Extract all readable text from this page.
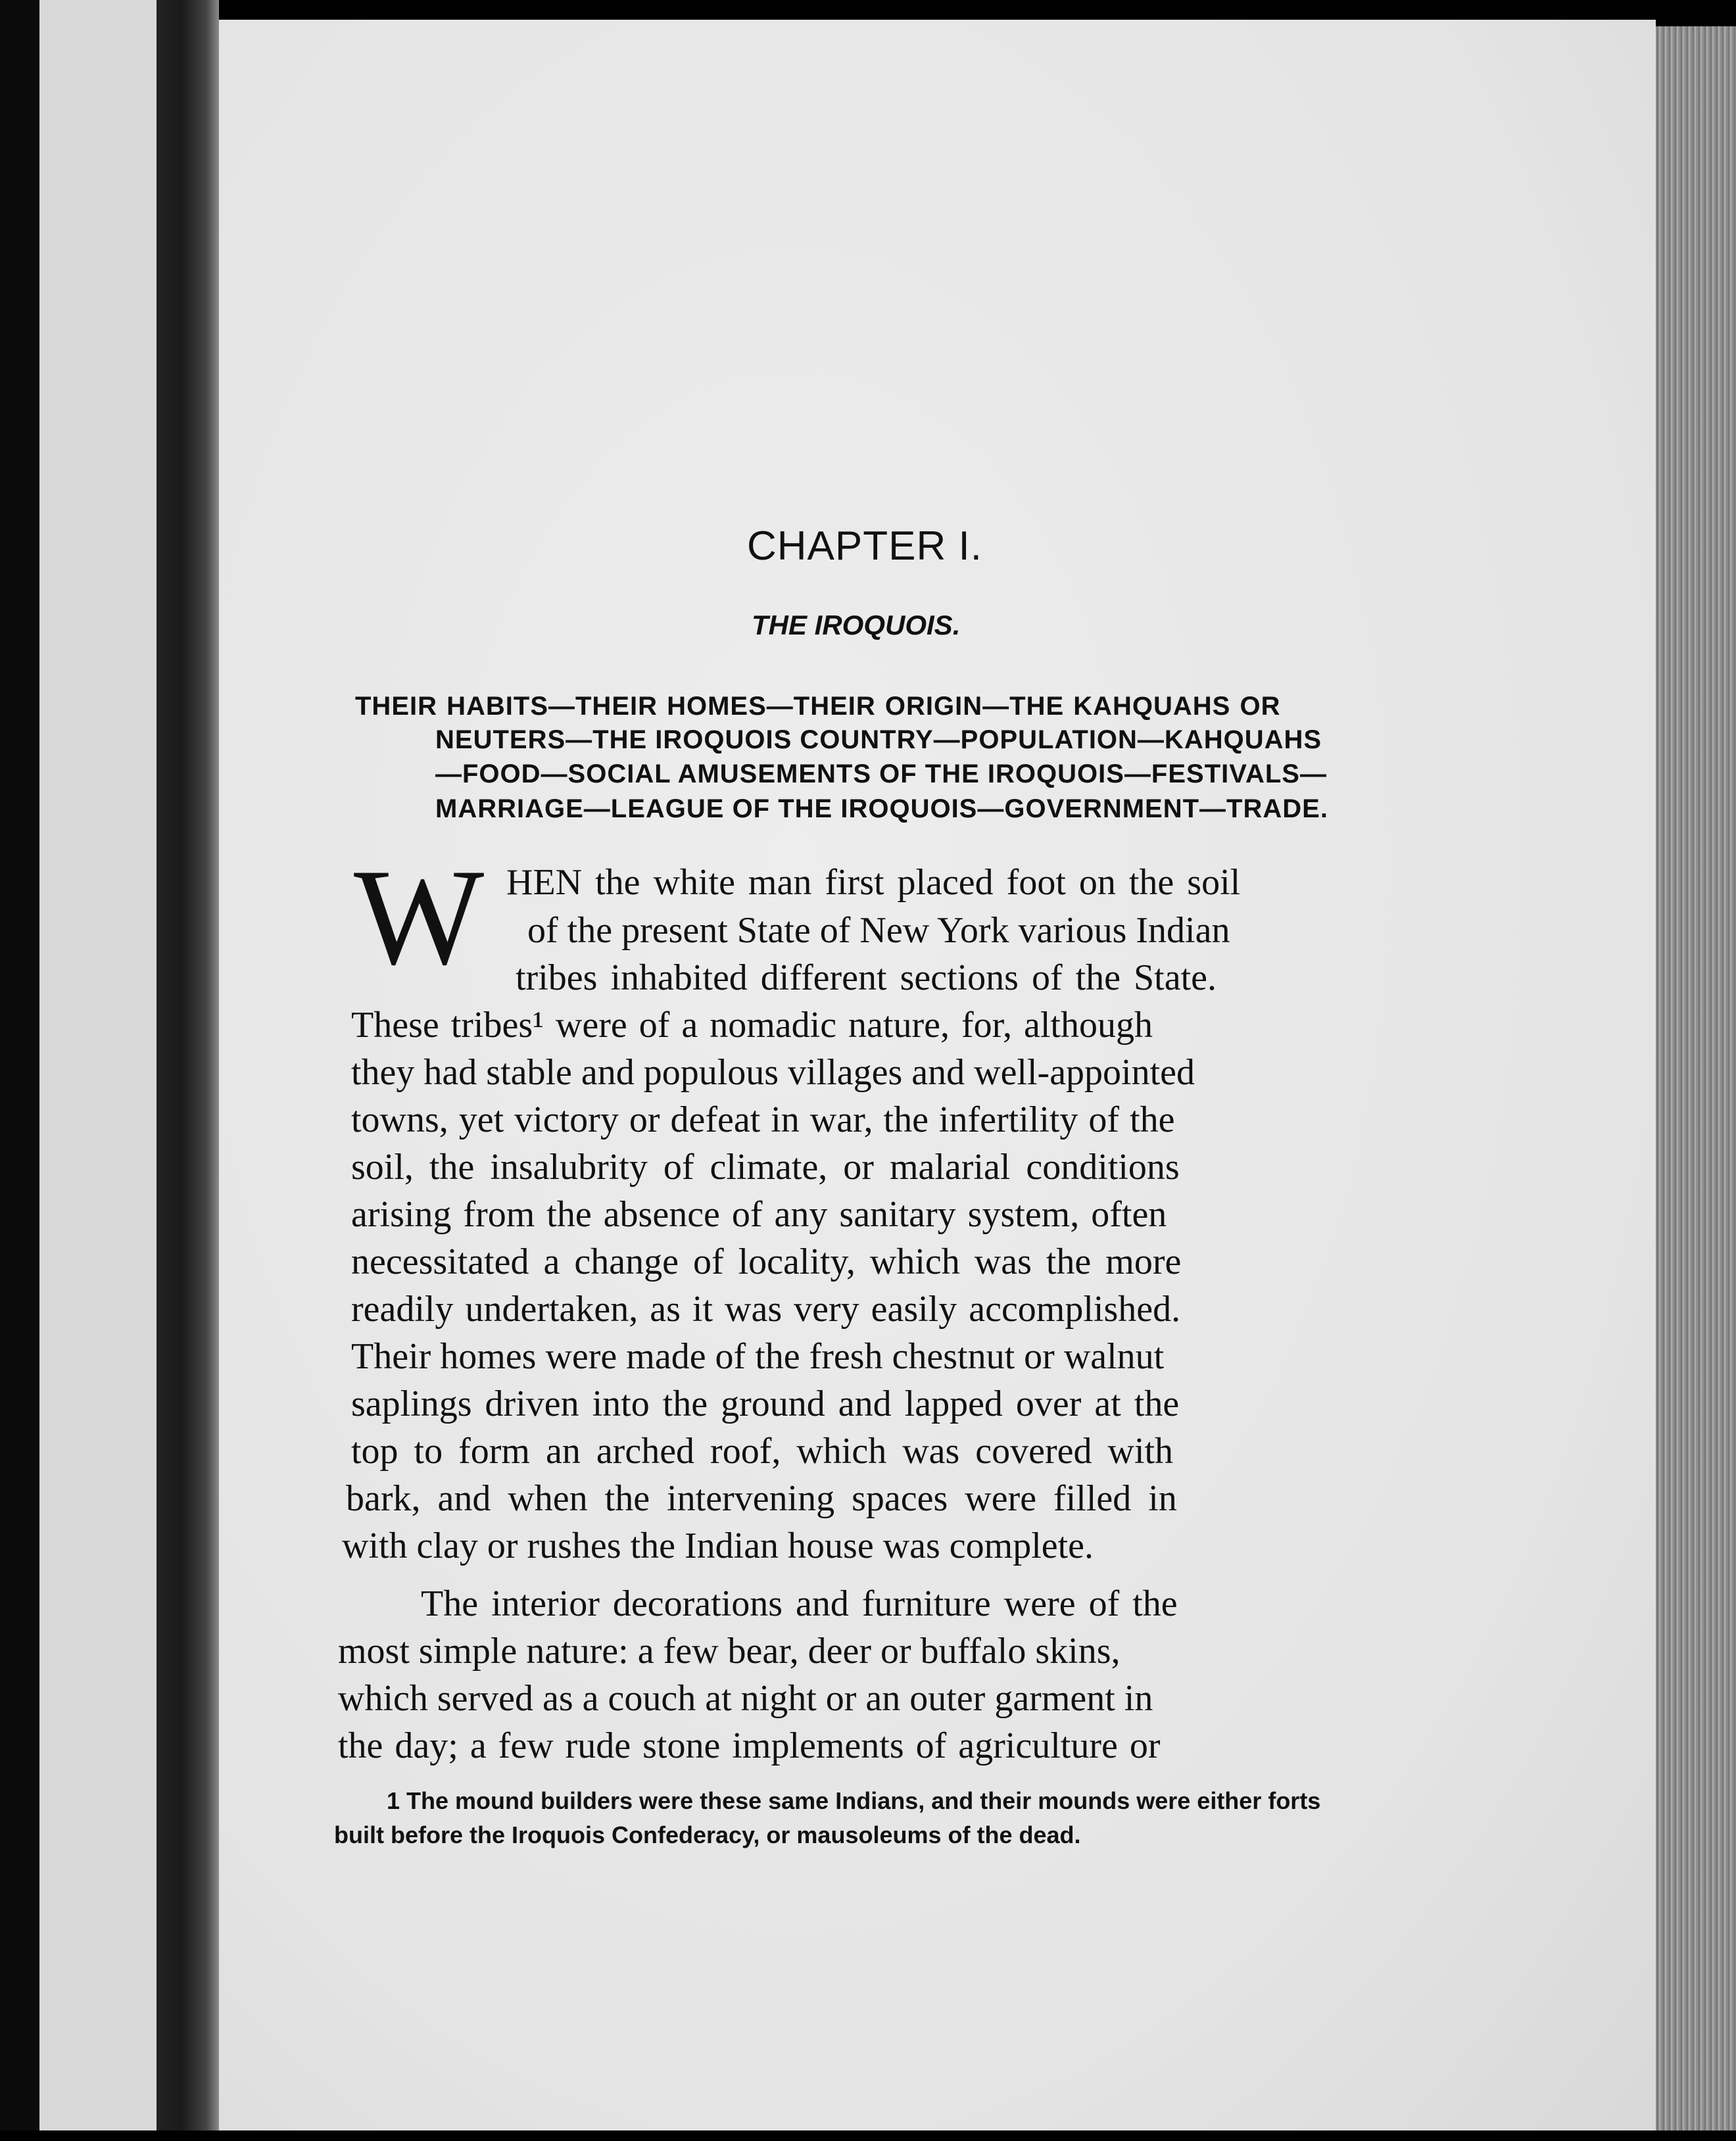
CHAPTER I.
THE IROQUOIS.
THEIR HABITS—THEIR HOMES—THEIR ORIGIN—THE KAHQUAHS OR
NEUTERS—THE IROQUOIS COUNTRY—POPULATION—KAHQUAHS
—FOOD—SOCIAL AMUSEMENTS OF THE IROQUOIS—FESTIVALS—
MARRIAGE—LEAGUE OF THE IROQUOIS—GOVERNMENT—TRADE.
W HEN the white man first placed foot on the soil
of the present State of New York various Indian
tribes inhabited different sections of the State.
These tribes¹ were of a nomadic nature, for, although
they had stable and populous villages and well-appointed
towns, yet victory or defeat in war, the infertility of the
soil, the insalubrity of climate, or malarial conditions
arising from the absence of any sanitary system, often
necessitated a change of locality, which was the more
readily undertaken, as it was very easily accomplished.
Their homes were made of the fresh chestnut or walnut
saplings driven into the ground and lapped over at the
top to form an arched roof, which was covered with
bark, and when the intervening spaces were filled in
with clay or rushes the Indian house was complete.
The interior decorations and furniture were of the
most simple nature: a few bear, deer or buffalo skins,
which served as a couch at night or an outer garment in
the day; a few rude stone implements of agriculture or
1 The mound builders were these same Indians, and their mounds were either forts
built before the Iroquois Confederacy, or mausoleums of the dead.
